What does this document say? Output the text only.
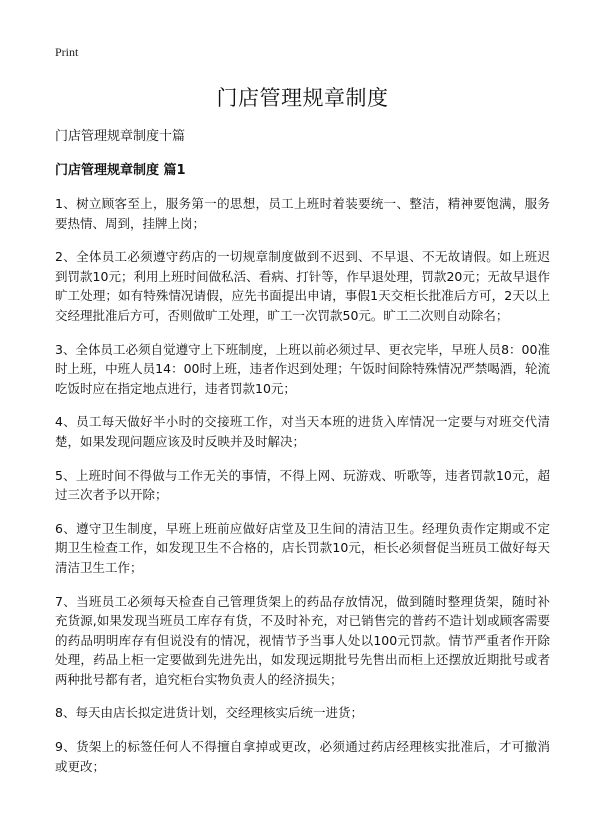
Print
门店管理规章制度
门店管理规章制度十篇
门店管理规章制度 篇1

1、树立顾客至上，服务第一的思想，员工上班时着装要统一、整洁，精神要饱满，服务要热情、周到，挂牌上岗；

2、全体员工必须遵守药店的一切规章制度做到不迟到、不早退、不无故请假。如上班迟到罚款10元；利用上班时间做私活、看病、打针等，作早退处理，罚款20元；无故早退作旷工处理；如有特殊情况请假，应先书面提出申请，事假1天交柜长批准后方可，2天以上交经理批准后方可，否则做旷工处理，旷工一次罚款50元。旷工二次则自动除名；

3、全体员工必须自觉遵守上下班制度，上班以前必须过早、更衣完毕，早班人员8：00准时上班，中班人员14：00时上班，违者作迟到处理；午饭时间除特殊情况严禁喝酒，轮流吃饭时应在指定地点进行，违者罚款10元；

4、员工每天做好半小时的交接班工作，对当天本班的进货入库情况一定要与对班交代清楚，如果发现问题应该及时反映并及时解决；

5、上班时间不得做与工作无关的事情，不得上网、玩游戏、听歌等，违者罚款10元，超过三次者予以开除；

6、遵守卫生制度，早班上班前应做好店堂及卫生间的清洁卫生。经理负责作定期或不定期卫生检查工作，如发现卫生不合格的，店长罚款10元，柜长必须督促当班员工做好每天清洁卫生工作；

7、当班员工必须每天检查自己管理货架上的药品存放情况，做到随时整理货架，随时补充货源,如果发现当班员工库存有货，不及时补充，对已销售完的普药不造计划或顾客需要的药品明明库存有但说没有的情况，视情节予当事人处以100元罚款。情节严重者作开除处理，药品上柜一定要做到先进先出，如发现远期批号先售出而柜上还摆放近期批号或者两种批号都有者，追究柜台实物负责人的经济损失；

8、每天由店长拟定进货计划，交经理核实后统一进货；

9、货架上的标签任何人不得擅自拿掉或更改，必须通过药店经理核实批准后，才可撤消或更改；
